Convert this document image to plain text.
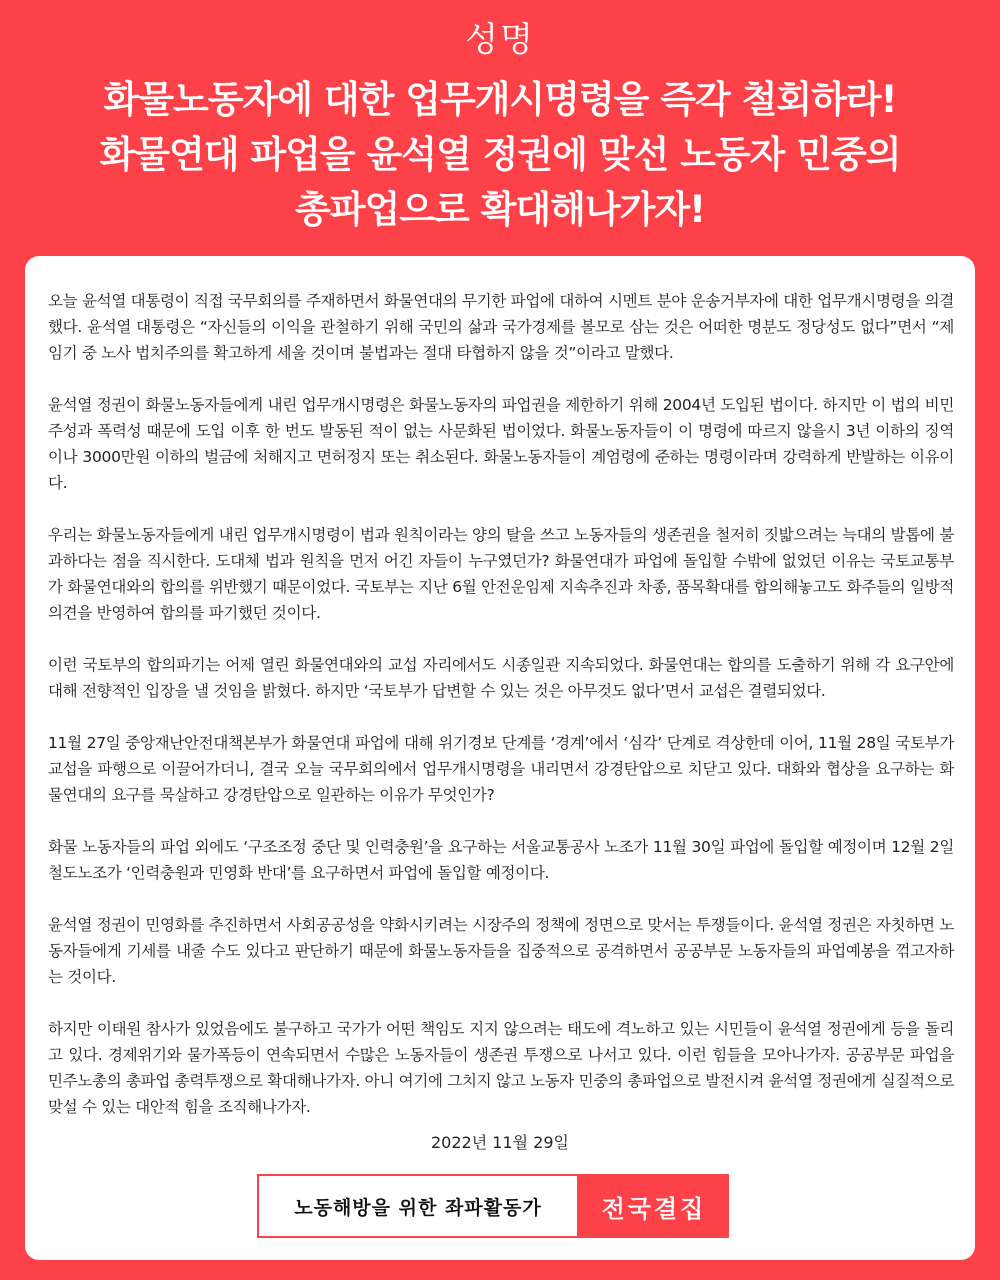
성명
화물노동자에 대한 업무개시명령을 즉각 철회하라!
화물연대 파업을 윤석열 정권에 맞선 노동자 민중의
총파업으로 확대해나가자!

오늘 윤석열 대통령이 직접 국무회의를 주재하면서 화물연대의 무기한 파업에 대하여 시멘트 분야 운송거부자에 대한 업무개시명령을 의결했다. 윤석열 대통령은 “자신들의 이익을 관철하기 위해 국민의 삶과 국가경제를 볼모로 삼는 것은 어떠한 명분도 정당성도 없다”면서 “제 임기 중 노사 법치주의를 확고하게 세울 것이며 불법과는 절대 타협하지 않을 것”이라고 말했다.

윤석열 정권이 화물노동자들에게 내린 업무개시명령은 화물노동자의 파업권을 제한하기 위해 2004년 도입된 법이다. 하지만 이 법의 비민주성과 폭력성 때문에 도입 이후 한 번도 발동된 적이 없는 사문화된 법이었다. 화물노동자들이 이 명령에 따르지 않을시 3년 이하의 징역이나 3000만원 이하의 벌금에 처해지고 면허정지 또는 취소된다. 화물노동자들이 계엄령에 준하는 명령이라며 강력하게 반발하는 이유이다.

우리는 화물노동자들에게 내린 업무개시명령이 법과 원칙이라는 양의 탈을 쓰고 노동자들의 생존권을 철저히 짓밟으려는 늑대의 발톱에 불과하다는 점을 직시한다. 도대체 법과 원칙을 먼저 어긴 자들이 누구였던가? 화물연대가 파업에 돌입할 수밖에 없었던 이유는 국토교통부가 화물연대와의 합의를 위반했기 때문이었다. 국토부는 지난 6월 안전운임제 지속추진과 차종, 품목확대를 합의해놓고도 화주들의 일방적 의견을 반영하여 합의를 파기했던 것이다.

이런 국토부의 합의파기는 어제 열린 화물연대와의 교섭 자리에서도 시종일관 지속되었다. 화물연대는 합의를 도출하기 위해 각 요구안에 대해 전향적인 입장을 낼 것임을 밝혔다. 하지만 ‘국토부가 답변할 수 있는 것은 아무것도 없다’면서 교섭은 결렬되었다.

11월 27일 중앙재난안전대책본부가 화물연대 파업에 대해 위기경보 단계를 ‘경계’에서 ‘심각’ 단계로 격상한데 이어, 11월 28일 국토부가 교섭을 파행으로 이끌어가더니, 결국 오늘 국무회의에서 업무개시명령을 내리면서 강경탄압으로 치닫고 있다. 대화와 협상을 요구하는 화물연대의 요구를 묵살하고 강경탄압으로 일관하는 이유가 무엇인가?

화물 노동자들의 파업 외에도 ‘구조조정 중단 및 인력충원’을 요구하는 서울교통공사 노조가 11월 30일 파업에 돌입할 예정이며 12월 2일 철도노조가 ‘인력충원과 민영화 반대’를 요구하면서 파업에 돌입할 예정이다.

윤석열 정권이 민영화를 추진하면서 사회공공성을 약화시키려는 시장주의 정책에 정면으로 맞서는 투쟁들이다. 윤석열 정권은 자칫하면 노동자들에게 기세를 내줄 수도 있다고 판단하기 때문에 화물노동자들을 집중적으로 공격하면서 공공부문 노동자들의 파업예봉을 꺾고자하는 것이다.

하지만 이태원 참사가 있었음에도 불구하고 국가가 어떤 책임도 지지 않으려는 태도에 격노하고 있는 시민들이 윤석열 정권에게 등을 돌리고 있다. 경제위기와 물가폭등이 연속되면서 수많은 노동자들이 생존권 투쟁으로 나서고 있다. 이런 힘들을 모아나가자. 공공부문 파업을 민주노총의 총파업 총력투쟁으로 확대해나가자. 아니 여기에 그치지 않고 노동자 민중의 총파업으로 발전시켜 윤석열 정권에게 실질적으로 맞설 수 있는 대안적 힘을 조직해나가자.

2022년 11월 29일
노동해방을 위한 좌파활동가	전국결집
